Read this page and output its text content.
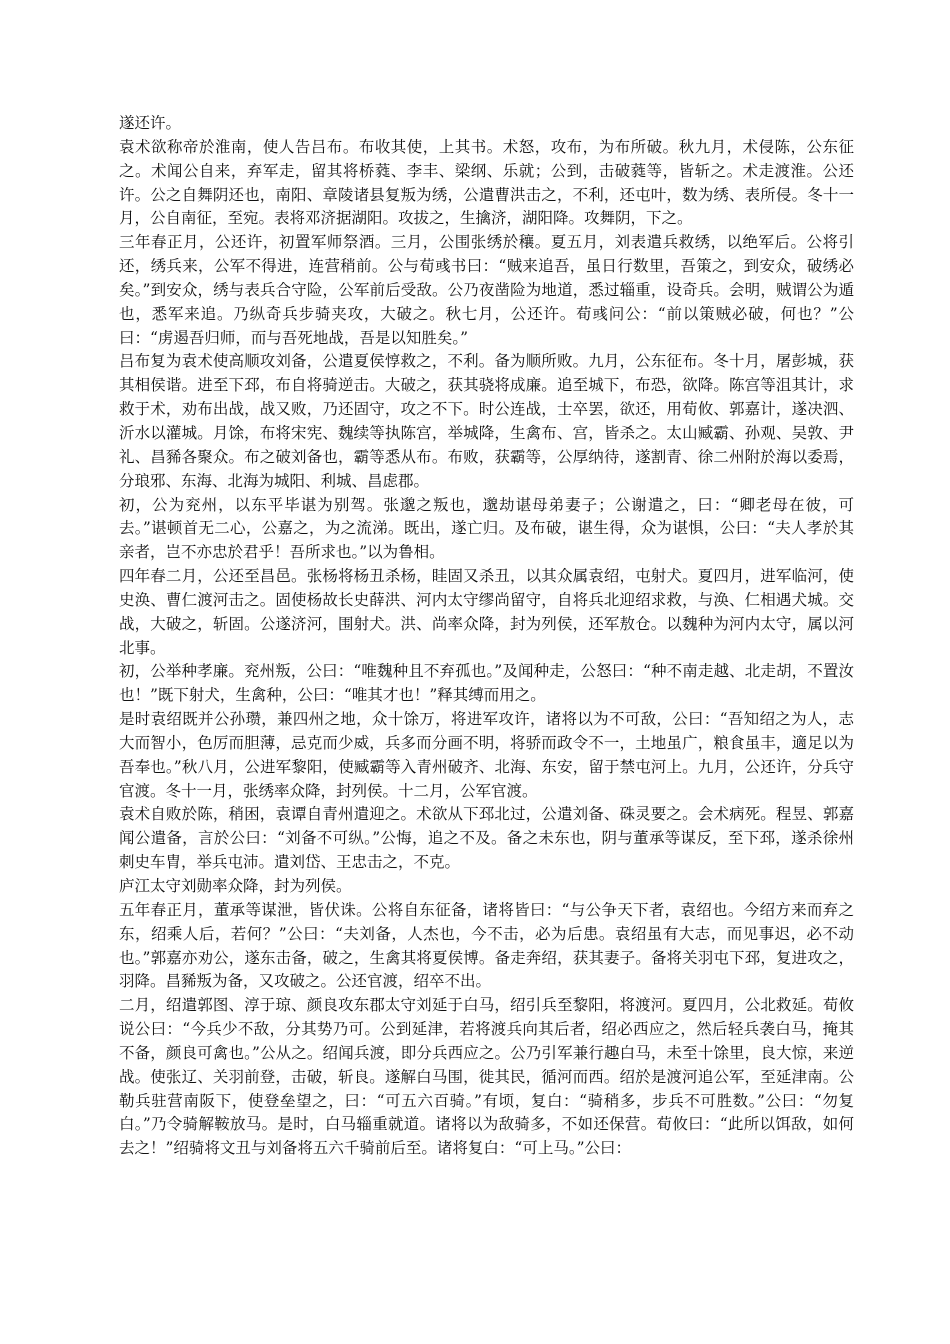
遂还许。

袁术欲称帝於淮南，使人告吕布。布收其使，上其书。术怒，攻布，为布所破。秋九月，术侵陈，公东征之。术闻公自来，弃军走，留其将桥蕤、李丰、梁纲、乐就；公到，击破蕤等，皆斩之。术走渡淮。公还许。公之自舞阴还也，南阳、章陵诸县复叛为绣，公遣曹洪击之，不利，还屯叶，数为绣、表所侵。冬十一月，公自南征，至宛。表将邓济据湖阳。攻拔之，生擒济，湖阳降。攻舞阴，下之。

三年春正月，公还许，初置军师祭酒。三月，公围张绣於穰。夏五月，刘表遣兵救绣，以绝军后。公将引还，绣兵来，公军不得进，连营稍前。公与荀彧书曰：“贼来追吾，虽日行数里，吾策之，到安众，破绣必矣。”到安众，绣与表兵合守险，公军前后受敌。公乃夜凿险为地道，悉过辎重，设奇兵。会明，贼谓公为遁也，悉军来追。乃纵奇兵步骑夹攻，大破之。秋七月，公还许。荀彧问公：“前以策贼必破，何也？”公曰：“虏遏吾归师，而与吾死地战，吾是以知胜矣。”

吕布复为袁术使高顺攻刘备，公遣夏侯惇救之，不利。备为顺所败。九月，公东征布。冬十月，屠彭城，获其相侯谐。进至下邳，布自将骑逆击。大破之，获其骁将成廉。追至城下，布恐，欲降。陈宫等沮其计，求救于术，劝布出战，战又败，乃还固守，攻之不下。时公连战，士卒罢，欲还，用荀攸、郭嘉计，遂决泗、沂水以灌城。月馀，布将宋宪、魏续等执陈宫，举城降，生禽布、宫，皆杀之。太山臧霸、孙观、吴敦、尹礼、昌豨各聚众。布之破刘备也，霸等悉从布。布败，获霸等，公厚纳待，遂割青、徐二州附於海以委焉，分琅邪、东海、北海为城阳、利城、昌虑郡。

初，公为兖州，以东平毕谌为别驾。张邈之叛也，邈劫谌母弟妻子；公谢遣之，曰：“卿老母在彼，可去。”谌顿首无二心，公嘉之，为之流涕。既出，遂亡归。及布破，谌生得，众为谌惧，公曰：“夫人孝於其亲者，岂不亦忠於君乎！吾所求也。”以为鲁相。

四年春二月，公还至昌邑。张杨将杨丑杀杨，眭固又杀丑，以其众属袁绍，屯射犬。夏四月，进军临河，使史涣、曹仁渡河击之。固使杨故长史薛洪、河内太守缪尚留守，自将兵北迎绍求救，与涣、仁相遇犬城。交战，大破之，斩固。公遂济河，围射犬。洪、尚率众降，封为列侯，还军敖仓。以魏种为河内太守，属以河北事。

初，公举种孝廉。兖州叛，公曰：“唯魏种且不弃孤也。”及闻种走，公怒曰：“种不南走越、北走胡，不置汝也！”既下射犬，生禽种，公曰：“唯其才也！”释其缚而用之。

是时袁绍既并公孙瓒，兼四州之地，众十馀万，将进军攻许，诸将以为不可敌，公曰：“吾知绍之为人，志大而智小，色厉而胆薄，忌克而少威，兵多而分画不明，将骄而政令不一，土地虽广，粮食虽丰，適足以为吾奉也。”秋八月，公进军黎阳，使臧霸等入青州破齐、北海、东安，留于禁屯河上。九月，公还许，分兵守官渡。冬十一月，张绣率众降，封列侯。十二月，公军官渡。

袁术自败於陈，稍困，袁谭自青州遣迎之。术欲从下邳北过，公遣刘备、硃灵要之。会术病死。程昱、郭嘉闻公遣备，言於公曰：“刘备不可纵。”公悔，追之不及。备之未东也，阴与董承等谋反，至下邳，遂杀徐州刺史车胄，举兵屯沛。遣刘岱、王忠击之，不克。

庐江太守刘勋率众降，封为列侯。

五年春正月，董承等谋泄，皆伏诛。公将自东征备，诸将皆曰：“与公争天下者，袁绍也。今绍方来而弃之东，绍乘人后，若何？”公曰：“夫刘备，人杰也，今不击，必为后患。袁绍虽有大志，而见事迟，必不动也。”郭嘉亦劝公，遂东击备，破之，生禽其将夏侯博。备走奔绍，获其妻子。备将关羽屯下邳，复进攻之，羽降。昌豨叛为备，又攻破之。公还官渡，绍卒不出。

二月，绍遣郭图、淳于琼、颜良攻东郡太守刘延于白马，绍引兵至黎阳，将渡河。夏四月，公北救延。荀攸说公曰：“今兵少不敌，分其势乃可。公到延津，若将渡兵向其后者，绍必西应之，然后轻兵袭白马，掩其不备，颜良可禽也。”公从之。绍闻兵渡，即分兵西应之。公乃引军兼行趣白马，未至十馀里，良大惊，来逆战。使张辽、关羽前登，击破，斩良。遂解白马围，徙其民，循河而西。绍於是渡河追公军，至延津南。公勒兵驻营南阪下，使登垒望之，曰：“可五六百骑。”有顷，复白：“骑稍多，步兵不可胜数。”公曰：“勿复白。”乃令骑解鞍放马。是时，白马辎重就道。诸将以为敌骑多，不如还保营。荀攸曰：“此所以饵敌，如何去之！”绍骑将文丑与刘备将五六千骑前后至。诸将复白：“可上马。”公曰：
